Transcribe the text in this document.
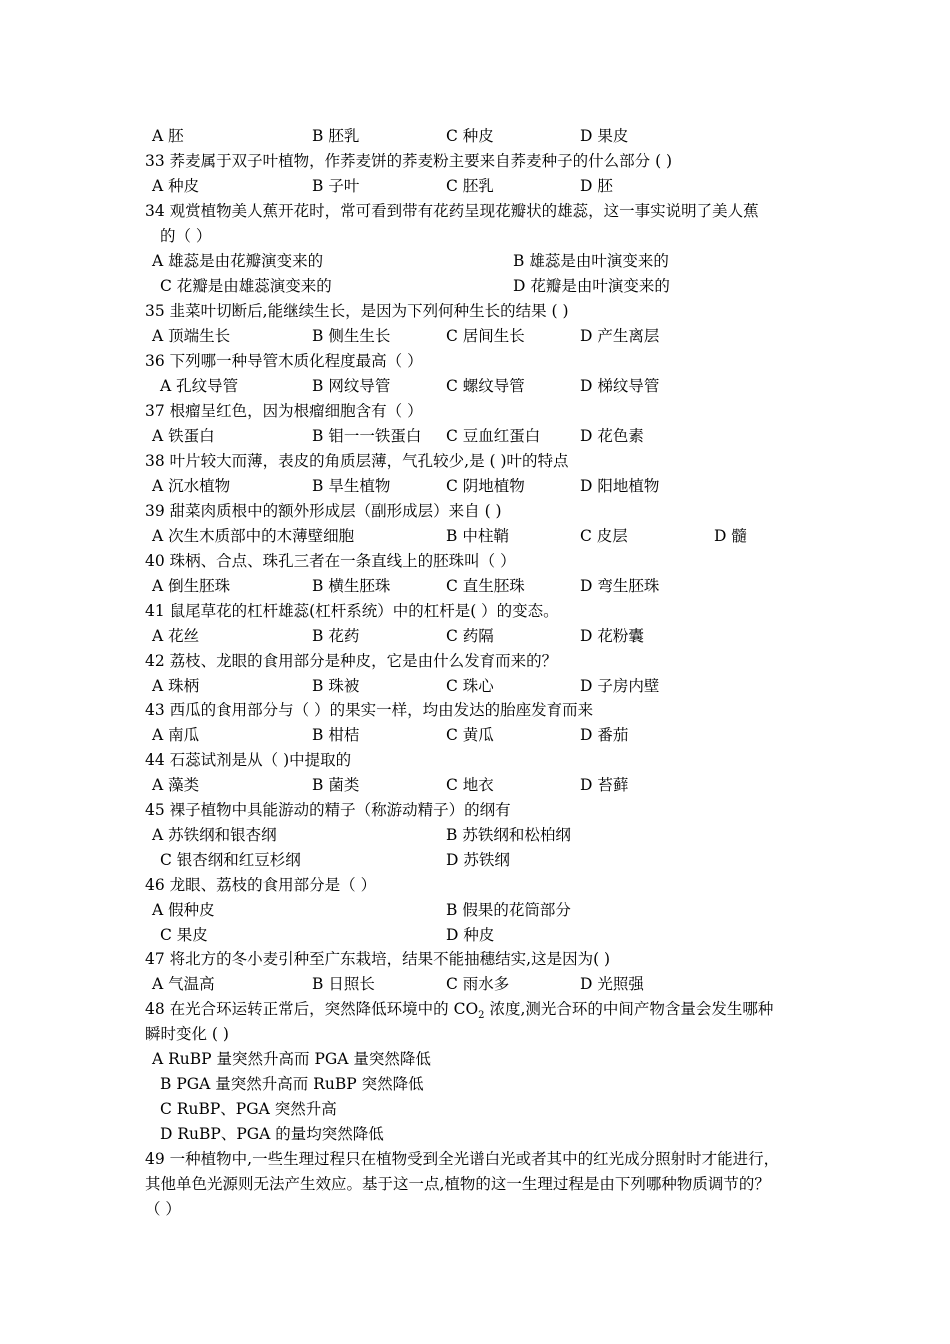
A 胚	B 胚乳	C 种皮	D 果皮
33 荞麦属于双子叶植物，作荞麦饼的荞麦粉主要来自荞麦种子的什么部分 ( )
A 种皮	B 子叶	C 胚乳	D 胚
34 观赏植物美人蕉开花时，常可看到带有花药呈现花瓣状的雄蕊，这一事实说明了美人蕉
的（ ）
A 雄蕊是由花瓣演变来的	B 雄蕊是由叶演变来的
C 花瓣是由雄蕊演变来的	D 花瓣是由叶演变来的
35 韭菜叶切断后,能继续生长，是因为下列何种生长的结果 ( )
A 顶端生长	B 侧生生长	C 居间生长	D 产生离层
36 下列哪一种导管木质化程度最高（ ）
A 孔纹导管	B 网纹导管	C 螺纹导管	D 梯纹导管
37 根瘤呈红色，因为根瘤细胞含有（ ）
A 铁蛋白	B 钼一一铁蛋白 C 豆血红蛋白	D 花色素
38 叶片较大而薄，表皮的角质层薄，气孔较少,是 ( )叶的特点
A 沉水植物	B 旱生植物	C 阴地植物	D 阳地植物
39 甜菜肉质根中的额外形成层（副形成层）来自 ( )
A 次生木质部中的木薄壁细胞	B 中柱鞘	C 皮层	D 髓
40 珠柄、合点、珠孔三者在一条直线上的胚珠叫（ ）
A 倒生胚珠	B 横生胚珠	C 直生胚珠	D 弯生胚珠
41 鼠尾草花的杠杆雄蕊(杠杆系统）中的杠杆是( ）的变态。
A 花丝	B 花药	C 药隔	D 花粉囊
42 荔枝、龙眼的食用部分是种皮，它是由什么发育而来的？
A 珠柄	B 珠被	C 珠心	D 子房内壁
43 西瓜的食用部分与（ ）的果实一样，均由发达的胎座发育而来
A 南瓜	B 柑桔	C 黄瓜	D 番茄
44 石蕊试剂是从（ )中提取的
A 藻类	B 菌类	C 地衣	D 苔藓
45 裸子植物中具能游动的精子（称游动精子）的纲有
A 苏铁纲和银杏纲	B 苏铁纲和松柏纲
C 银杏纲和红豆杉纲	D 苏铁纲
46 龙眼、荔枝的食用部分是（ ）
A 假种皮	B 假果的花筒部分
C 果皮	D 种皮
47 将北方的冬小麦引种至广东栽培，结果不能抽穗结实,这是因为( )
A 气温高	B 日照长	C 雨水多	D 光照强
48 在光合环运转正常后，突然降低环境中的 $CO_2$ 浓度,测光合环的中间产物含量会发生哪种
瞬时变化 ( )
A RuBP 量突然升高而 PGA 量突然降低
B PGA 量突然升高而 RuBP 突然降低
C RuBP、PGA 突然升高
D RuBP、PGA 的量均突然降低
49 一种植物中,一些生理过程只在植物受到全光谱白光或者其中的红光成分照射时才能进行，
其他单色光源则无法产生效应。基于这一点,植物的这一生理过程是由下列哪种物质调节的？
（ ）
